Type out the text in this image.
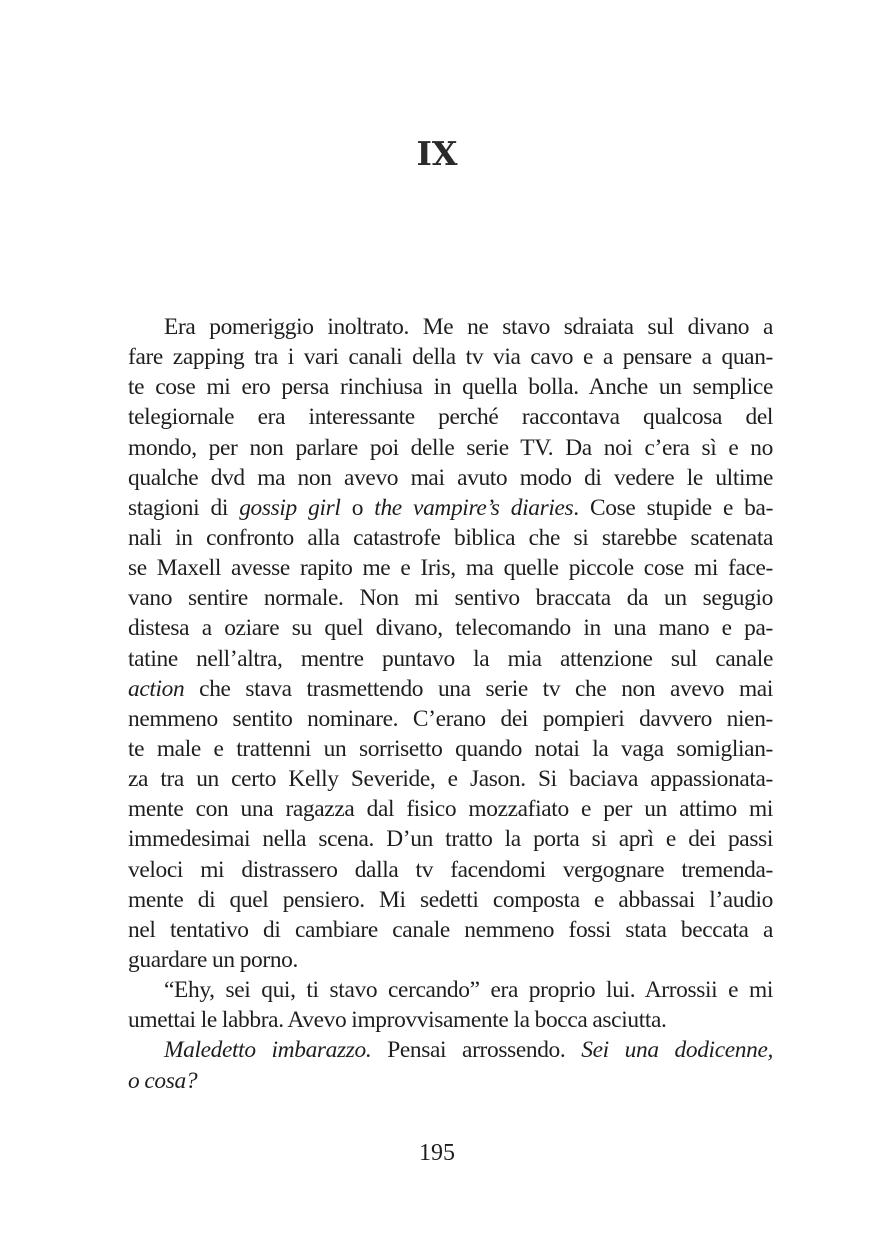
IX
Era pomeriggio inoltrato. Me ne stavo sdraiata sul divano a
fare zapping tra i vari canali della tv via cavo e a pensare a quan-
te cose mi ero persa rinchiusa in quella bolla. Anche un semplice
telegiornale era interessante perché raccontava qualcosa del
mondo, per non parlare poi delle serie TV. Da noi c’era sì e no
qualche dvd ma non avevo mai avuto modo di vedere le ultime
stagioni di gossip girl o the vampire’s diaries. Cose stupide e ba-
nali in confronto alla catastrofe biblica che si starebbe scatenata
se Maxell avesse rapito me e Iris, ma quelle piccole cose mi face-
vano sentire normale. Non mi sentivo braccata da un segugio
distesa a oziare su quel divano, telecomando in una mano e pa-
tatine nell’altra, mentre puntavo la mia attenzione sul canale
action che stava trasmettendo una serie tv che non avevo mai
nemmeno sentito nominare. C’erano dei pompieri davvero nien-
te male e trattenni un sorrisetto quando notai la vaga somiglian-
za tra un certo Kelly Severide, e Jason. Si baciava appassionata-
mente con una ragazza dal fisico mozzafiato e per un attimo mi
immedesimai nella scena. D’un tratto la porta si aprì e dei passi
veloci mi distrassero dalla tv facendomi vergognare tremenda-
mente di quel pensiero. Mi sedetti composta e abbassai l’audio
nel tentativo di cambiare canale nemmeno fossi stata beccata a
guardare un porno.
“Ehy, sei qui, ti stavo cercando” era proprio lui. Arrossii e mi
umettai le labbra. Avevo improvvisamente la bocca asciutta.
Maledetto imbarazzo. Pensai arrossendo. Sei una dodicenne,
o cosa?
195
